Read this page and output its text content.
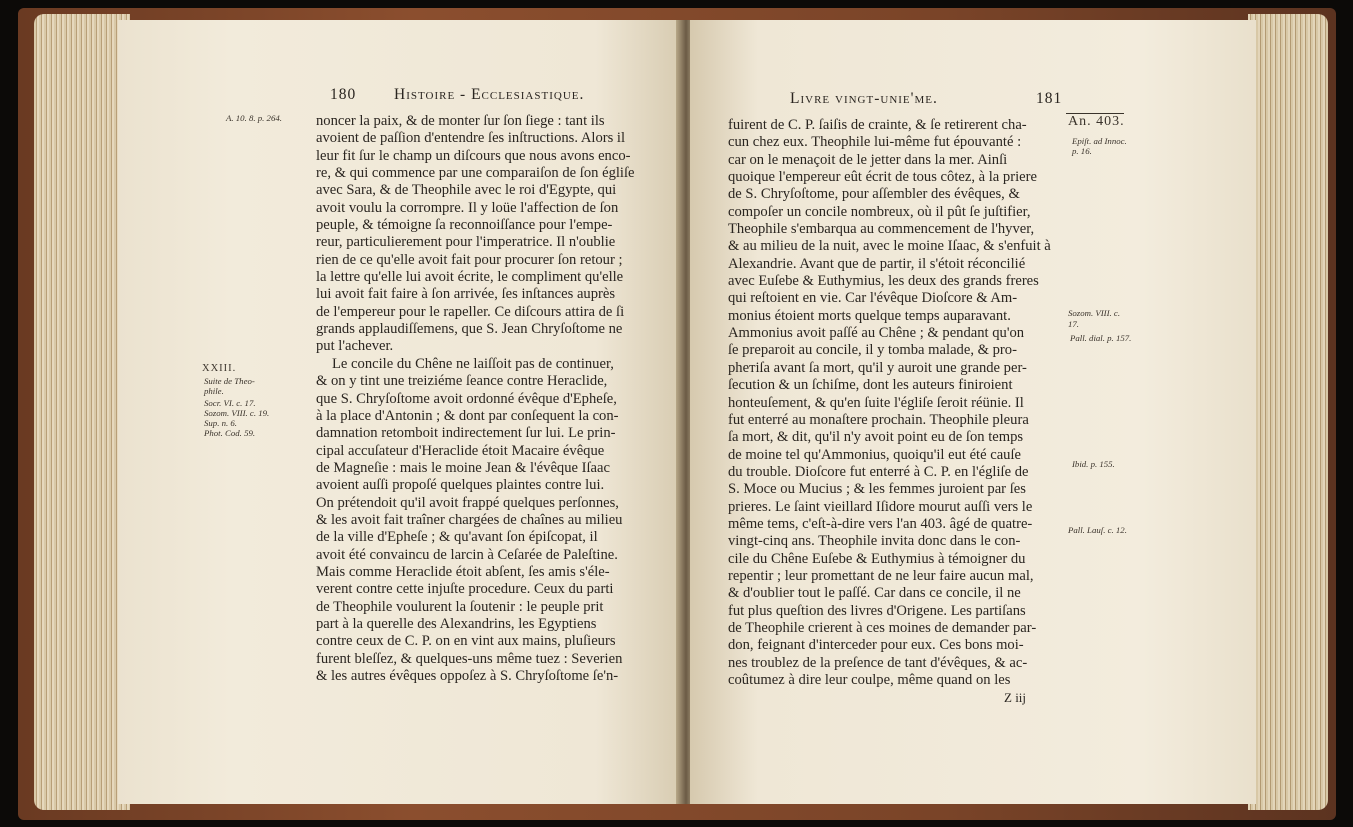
180 Histoire - Ecclesiastique.
A. 10. 8. p. 264.
XXIII.
Suite de Theo-
phile.
Socr. VI. c. 17.
Sozom. VIII. c. 19.
Sup. n. 6.
Phot. Cod. 59.
noncer la paix, & de monter ſur ſon ſiege : tant ils
avoient de paſſion d'entendre ſes inſtructions. Alors il
leur fit ſur le champ un diſcours que nous avons enco-
re, & qui commence par une comparaiſon de ſon égliſe
avec Sara, & de Theophile avec le roi d'Egypte, qui
avoit voulu la corrompre. Il y loüe l'affection de ſon
peuple, & témoigne ſa reconnoiſſance pour l'empe-
reur, particulierement pour l'imperatrice. Il n'oublie
rien de ce qu'elle avoit fait pour procurer ſon retour ;
la lettre qu'elle lui avoit écrite, le compliment qu'elle
lui avoit fait faire à ſon arrivée, ſes inſtances auprès
de l'empereur pour le rapeller. Ce diſcours attira de ſi
grands applaudiſſemens, que S. Jean Chryſoſtome ne
put l'achever.
Le concile du Chêne ne laiſſoit pas de continuer,
& on y tint une treiziéme ſeance contre Heraclide,
que S. Chryſoſtome avoit ordonné évêque d'Epheſe,
à la place d'Antonin ; & dont par conſequent la con-
damnation retomboit indirectement ſur lui. Le prin-
cipal accuſateur d'Heraclide étoit Macaire évêque
de Magneſie : mais le moine Jean & l'évêque Iſaac
avoient auſſi propoſé quelques plaintes contre lui.
On prétendoit qu'il avoit frappé quelques perſonnes,
& les avoit fait traîner chargées de chaînes au milieu
de la ville d'Epheſe ; & qu'avant ſon épiſcopat, il
avoit été convaincu de larcin à Ceſarée de Paleſtine.
Mais comme Heraclide étoit abſent, ſes amis s'éle-
verent contre cette injuſte procedure. Ceux du parti
de Theophile voulurent la ſoutenir : le peuple prit
part à la querelle des Alexandrins, les Egyptiens
contre ceux de C. P. on en vint aux mains, pluſieurs
furent bleſſez, & quelques-uns même tuez : Severien
& les autres évêques oppoſez à S. Chryſoſtome ſe'n-
Livre vingt-unie'me.	181
An. 403.
Epiſt. ad Innoc.
p. 16.
Sozom. VIII. c.
17.
Pall. dial. p. 157.
Ibid. p. 155.
Pall. Lauſ. c. 12.
fuirent de C. P. ſaiſis de crainte, & ſe retirerent cha-
cun chez eux. Theophile lui-même fut épouvanté :
car on le menaçoit de le jetter dans la mer. Ainſi
quoique l'empereur eût écrit de tous côtez, à la priere
de S. Chryſoſtome, pour aſſembler des évêques, &
compoſer un concile nombreux, où il pût ſe juſtifier,
Theophile s'embarqua au commencement de l'hyver,
& au milieu de la nuit, avec le moine Iſaac, & s'enfuit à
Alexandrie. Avant que de partir, il s'étoit réconcilié
avec Euſebe & Euthymius, les deux des grands freres
qui reſtoient en vie. Car l'évêque Dioſcore & Am-
monius étoient morts quelque temps auparavant.
Ammonius avoit paſſé au Chêne ; & pendant qu'on
ſe preparoit au concile, il y tomba malade, & pro-
pheтiſa avant ſa mort, qu'il y auroit une grande per-
ſecution & un ſchiſme, dont les auteurs finiroient
honteuſement, & qu'en ſuite l'égliſe ſeroit réünie. Il
fut enterré au monaſtere prochain. Theophile pleura
ſa mort, & dit, qu'il n'y avoit point eu de ſon temps
de moine tel qu'Ammonius, quoiqu'il eut été cauſe
du trouble. Dioſcore fut enterré à C. P. en l'égliſe de
S. Moce ou Mucius ; & les femmes juroient par ſes
prieres. Le ſaint vieillard Iſidore mourut auſſi vers le
même tems, c'eſt-à-dire vers l'an 403. âgé de quatre-
vingt-cinq ans. Theophile invita donc dans le con-
cile du Chêne Euſebe & Euthymius à témoigner du
repentir ; leur promettant de ne leur faire aucun mal,
& d'oublier tout le paſſé. Car dans ce concile, il ne
fut plus queſtion des livres d'Origene. Les partiſans
de Theophile crierent à ces moines de demander par-
don, feignant d'interceder pour eux. Ces bons moi-
nes troublez de la preſence de tant d'évêques, & ac-
coûtumez à dire leur coulpe, même quand on les
Z iij
